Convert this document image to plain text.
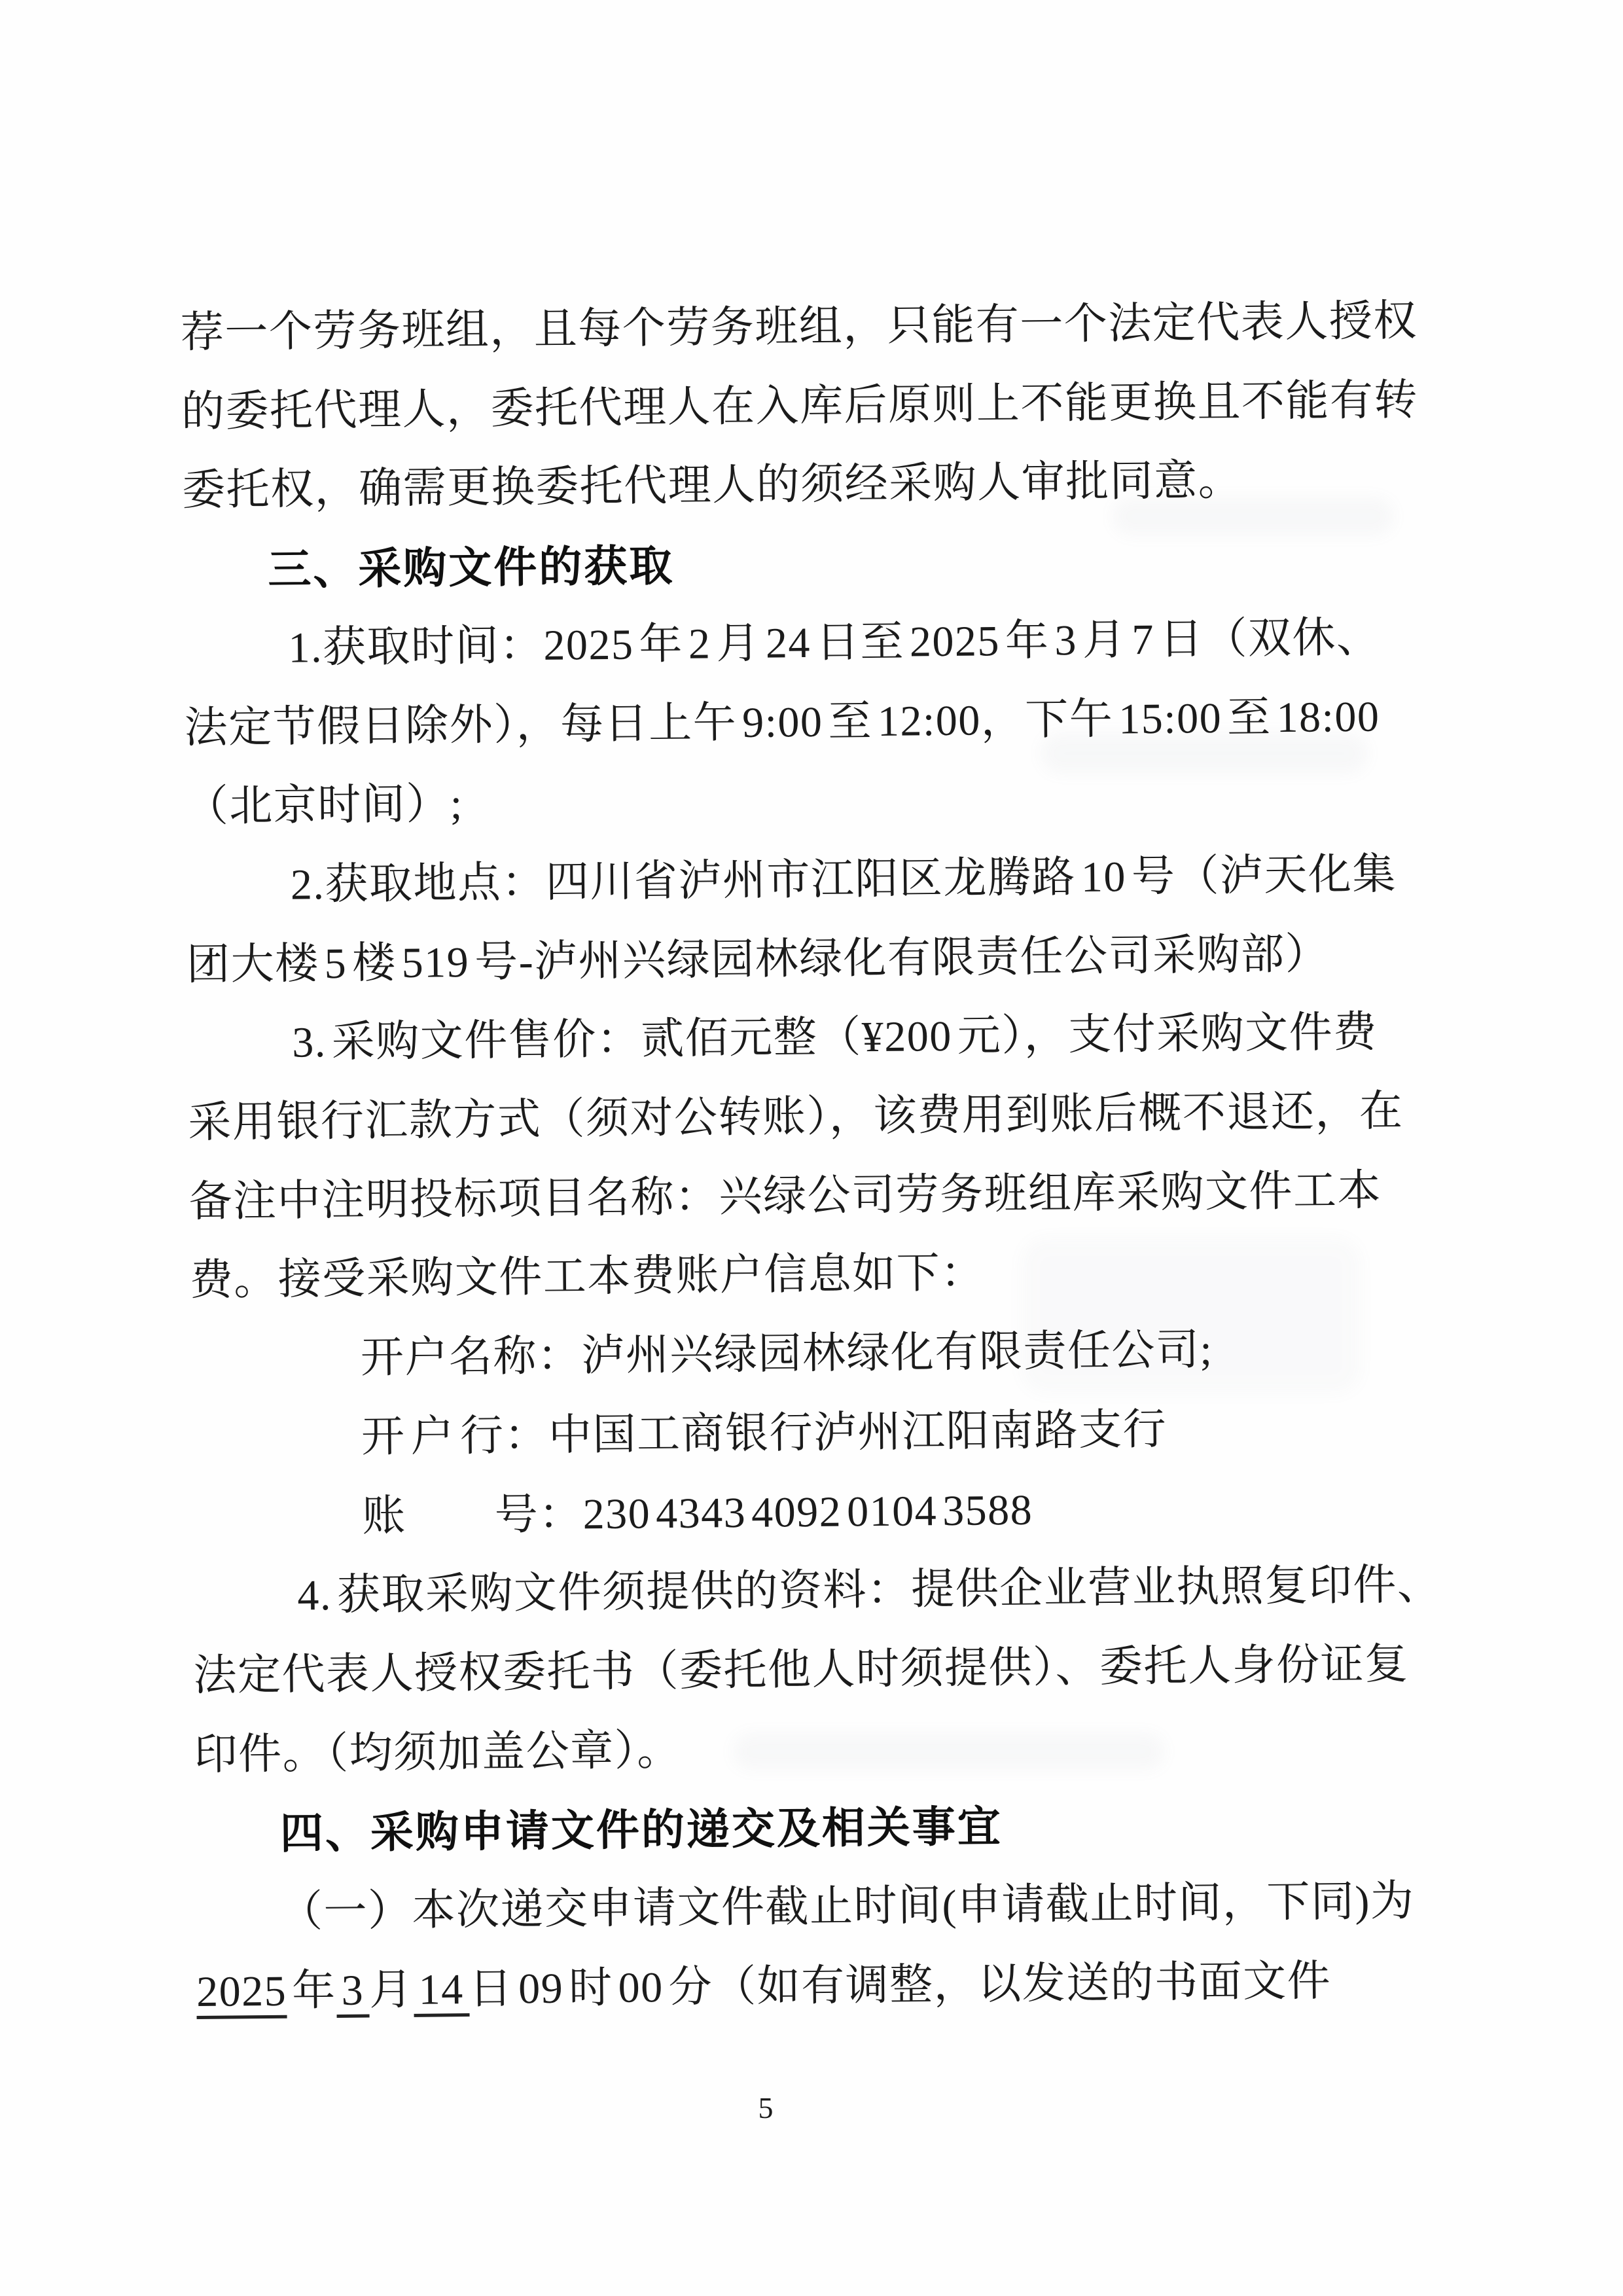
荐一个劳务班组，且每个劳务班组，只能有一个法定代表人授权

的委托代理人，委托代理人在入库后原则上不能更换且不能有转

委托权，确需更换委托代理人的须经采购人审批同意。

三、采购文件的获取

1.获取时间：2025 年 2 月 24 日至 2025 年 3 月 7 日（双休、

法定节假日除外），每日上午 9:00 至 12:00，下午 15:00 至 18:00

（北京时间）;

2.获取地点：四川省泸州市江阳区龙腾路 10 号（泸天化集

团大楼 5 楼 519 号-泸州兴绿园林绿化有限责任公司采购部）

3. 采购文件售价：贰佰元整（¥200 元），支付采购文件费

采用银行汇款方式（须对公转账），该费用到账后概不退还，在

备注中注明投标项目名称：兴绿公司劳务班组库采购文件工本

费。接受采购文件工本费账户信息如下：

开户名称：泸州兴绿园林绿化有限责任公司;

开 户 行：中国工商银行泸州江阳南路支行

账　　号：230 4343 4092 0104 3588

4. 获取采购文件须提供的资料：提供企业营业执照复印件、

法定代表人授权委托书（委托他人时须提供）、委托人身份证复

印件。（均须加盖公章）。

四、采购申请文件的递交及相关事宜

（一）本次递交申请文件截止时间(申请截止时间，下同)为

2025 年 3 月 14 日 09 时 00 分（如有调整，以发送的书面文件

5
